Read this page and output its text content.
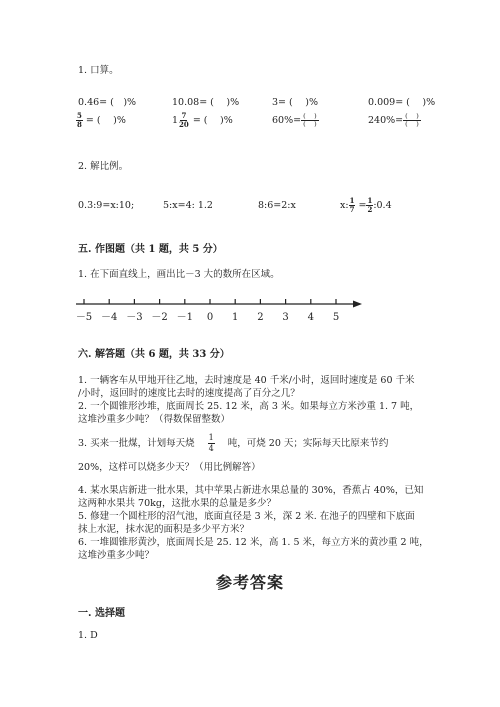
1. 口算。
0.46= (　)%	10.08= (　 )%	3= (　 )%	0.009= (　 )%
$\frac{5}{8}$ = (　 )%	$1 \frac{7}{20}$ = (　 )%	$60\%= \frac{( )}{( )}$	$240\%= \frac{( )}{( )}$
2. 解比例。
0.3:9=x:10;	5:x=4: 1.2	8:6=2:x	x: $\frac{1}{7} = \frac{1}{2}$ :0.4
五. 作图题（共 1 题，共 5 分）
1. 在下面直线上，画出比－3 大的数所在区域。
－5 －4 －3 －2 －1 0 1 2 3 4 5
六. 解答题（共 6 题，共 33 分）
1. 一辆客车从甲地开往乙地，去时速度是 40 千米/小时，返回时速度是 60 千米
/小时，返回时的速度比去时的速度提高了百分之几？
2. 一个圆锥形沙堆，底面周长 25. 12 米，高 3 米。如果每立方米沙重 1. 7 吨，
这堆沙重多少吨？（得数保留整数）
3. 买来一批煤，计划每天烧 $\frac{1}{4}$ 吨，可烧 20 天；实际每天比原来节约
20%，这样可以烧多少天？（用比例解答）
4. 某水果店新进一批水果，其中苹果占新进水果总量的 30%，香蕉占 40%，已知
这两种水果共 70kg，这批水果的总量是多少？
5. 修建一个圆柱形的沼气池，底面直径是 3 米，深 2 米. 在池子的四壁和下底面
抹上水泥，抹水泥的面积是多少平方米？
6. 一堆圆锥形黄沙，底面周长是 25. 12 米，高 1. 5 米，每立方米的黄沙重 2 吨，
这堆沙重多少吨？
参考答案
一. 选择题
1. D
